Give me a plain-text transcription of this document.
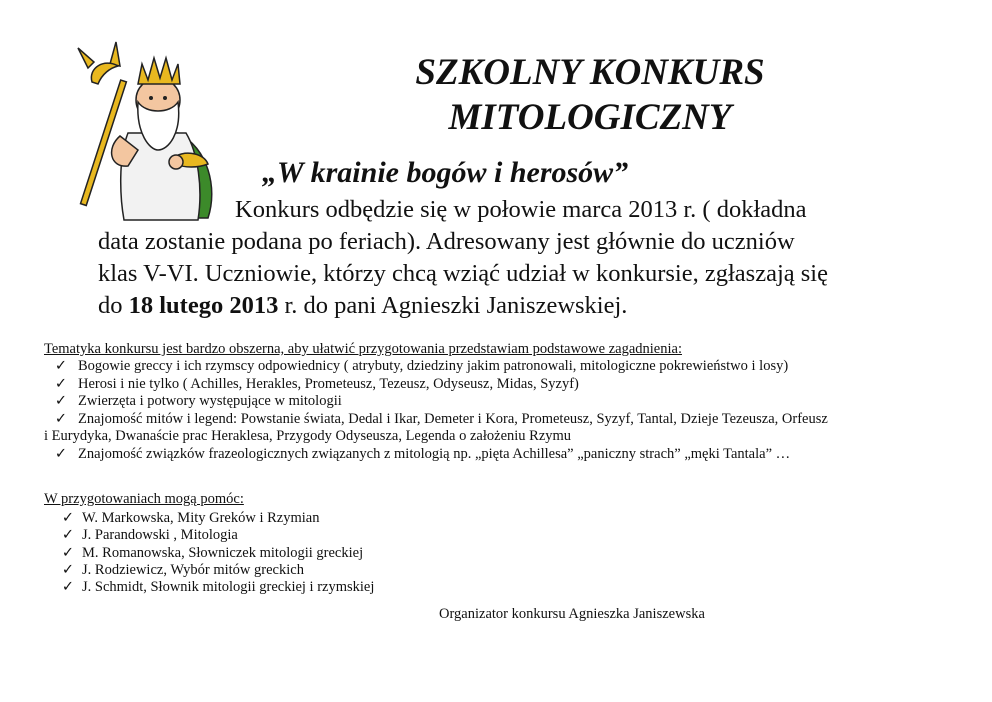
SZKOLNY KONKURS
MITOLOGICZNY
„W krainie bogów i herosów”
Konkurs odbędzie się w połowie marca 2013 r. ( dokładna
data zostanie podana po feriach). Adresowany jest głównie do uczniów
klas V-VI. Uczniowie, którzy chcą wziąć udział w konkursie, zgłaszają się
do 18 lutego 2013 r. do pani Agnieszki Janiszewskiej.
Tematyka konkursu jest bardzo obszerna, aby ułatwić przygotowania przedstawiam podstawowe zagadnienia:
✓ Bogowie greccy i ich rzymscy odpowiednicy ( atrybuty, dziedziny jakim patronowali, mitologiczne pokrewieństwo i losy)
✓ Herosi i nie tylko ( Achilles, Herakles, Prometeusz, Tezeusz, Odyseusz, Midas, Syzyf)
✓ Zwierzęta i potwory występujące w mitologii
✓ Znajomość mitów i legend: Powstanie świata, Dedal i Ikar, Demeter i Kora, Prometeusz, Syzyf, Tantal, Dzieje Tezeusza, Orfeusz
i Eurydyka, Dwanaście prac Heraklesa, Przygody Odyseusza, Legenda o założeniu Rzymu
✓ Znajomość związków frazeologicznych związanych z mitologią np. „pięta Achillesa” „paniczny strach” „męki Tantala” …
W przygotowaniach mogą pomóc:
✓ W. Markowska, Mity Greków i Rzymian
✓ J. Parandowski , Mitologia
✓ M. Romanowska, Słowniczek mitologii greckiej
✓ J. Rodziewicz, Wybór mitów greckich
✓ J. Schmidt, Słownik mitologii greckiej i rzymskiej
Organizator konkursu Agnieszka Janiszewska
